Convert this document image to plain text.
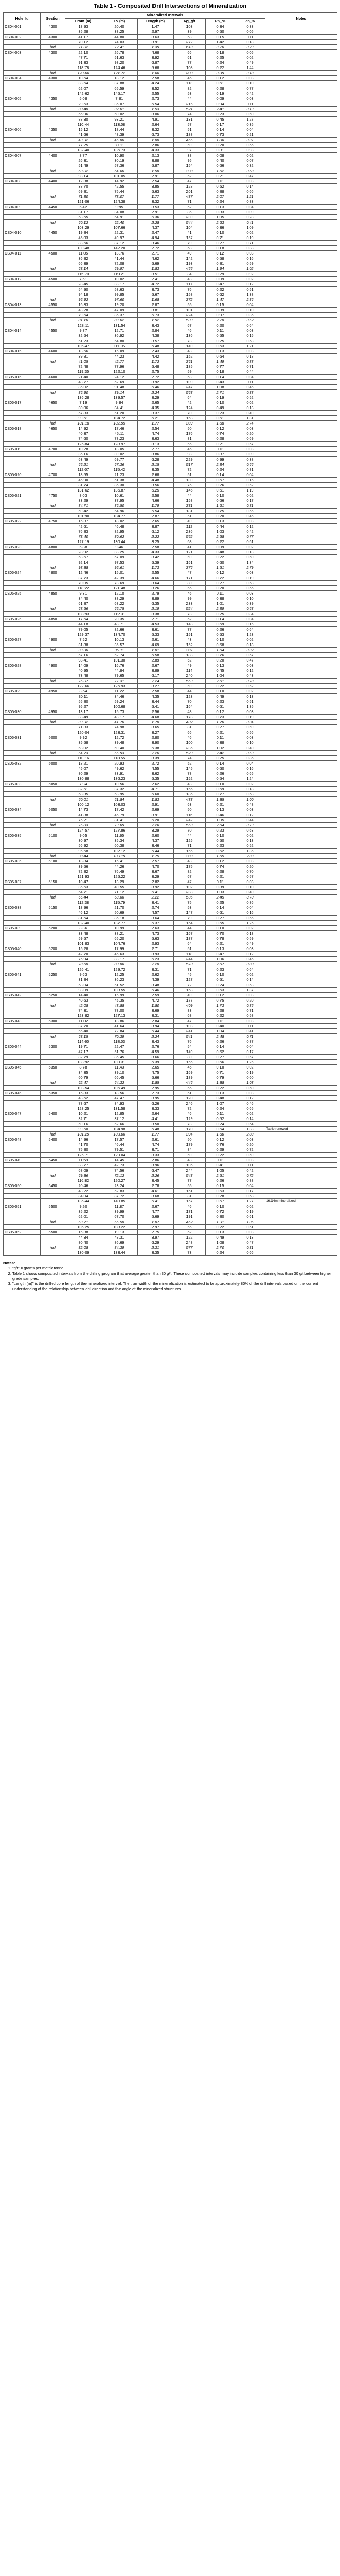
Table 1 - Composited Drill Intersections of Mineralization
Hole_Id	Section	Mineralized Intervals						Notes
		From (m)	To (m)	Length (m)	Ag_g/t	Pb_%	Zn_%	
DS04-001	4300	18.93	20.40	1.47	103	0.34	0.33	
		35.28	38.25	2.97	39	0.50	0.05	
DS04-002	4300	41.17	44.80	3.63	58	0.15	0.11	
		70.12	74.03	3.91	272	1.42	0.18	
	incl	71.02	72.41	1.39	613	3.20	0.29	
DS04-003	4300	22.10	26.78	4.68	66	0.18	0.05	
		47.71	51.63	3.92	61	0.25	0.02	
		91.33	98.20	6.87	77	0.24	0.49	
		118.78	124.46	5.68	108	0.22	1.44	
	incl	120.06	121.72	1.66	203	0.39	3.18	
DS04-004	4300	10.54	13.12	2.58	45	0.12	0.03	
		33.64	37.88	4.24	113	0.61	0.10	
		62.07	65.59	3.52	82	0.28	0.77	
		142.62	145.17	2.55	53	0.19	0.42	
DS04-005	4350	5.08	7.81	2.73	44	0.09	0.03	
		29.53	35.07	5.54	216	0.94	0.11	
	incl	30.48	32.01	1.53	521	2.41	0.19	
		56.96	60.02	3.06	74	0.23	0.60	
		88.30	93.21	4.91	131	0.45	1.27	
		110.44	113.08	2.64	57	0.17	0.35	
DS04-006	4350	15.12	18.44	3.32	51	0.14	0.04	
		41.66	48.39	6.73	188	0.73	0.21	
	incl	43.92	45.80	1.88	466	1.86	0.37	
		77.25	80.11	2.86	69	0.20	0.55	
		132.40	136.73	4.33	97	0.31	0.98	
DS04-007	4400	8.77	10.90	2.13	38	0.08	0.02	
		26.31	30.19	3.88	95	0.40	0.07	
		51.49	57.36	5.87	154	0.66	0.32	
	incl	53.02	54.60	1.58	398	1.52	0.58	
		98.14	101.05	2.91	62	0.21	0.47	
DS04-008	4400	12.38	14.92	2.54	47	0.11	0.03	
		38.70	42.55	3.85	128	0.52	0.14	
		69.81	75.44	5.63	201	0.88	0.66	
	incl	71.30	73.07	1.77	487	2.07	1.21	
		121.06	124.38	3.32	71	0.24	0.83	
DS04-009	4450	6.42	9.95	3.53	52	0.13	0.04	
		31.17	34.08	2.91	86	0.33	0.09	
		58.55	64.91	6.36	239	1.05	0.28	
	incl	60.12	62.40	2.28	544	2.63	0.41	
		103.29	107.66	4.37	104	0.36	1.09	
DS04-010	4450	19.84	22.31	2.47	41	0.10	0.02	
		45.03	49.97	4.94	167	0.71	0.19	
		83.66	87.12	3.46	79	0.27	0.71	
		139.48	142.20	2.72	58	0.18	0.38	
DS04-011	4500	11.05	13.76	2.71	49	0.12	0.03	
		36.82	41.44	4.62	142	0.58	0.16	
		66.39	72.08	5.69	193	0.81	0.59	
	incl	68.14	69.97	1.83	455	1.94	1.02	
		115.70	119.21	3.51	84	0.29	0.92	
DS04-012	4500	7.61	10.02	2.41	43	0.09	0.02	
		28.45	33.17	4.72	117	0.47	0.12	
		54.90	58.63	3.73	76	0.22	0.51	
		94.18	99.85	5.67	158	0.62	1.38	
	incl	95.92	97.60	1.68	372	1.47	2.86	
DS04-013	4550	16.33	19.20	2.87	55	0.15	0.04	
		43.28	47.09	3.81	101	0.39	0.10	
		79.64	85.37	5.73	224	0.97	0.35	
	incl	81.10	83.02	1.92	509	2.28	0.62	
		128.11	131.54	3.43	67	0.20	0.64	
DS04-014	4550	9.87	12.71	2.84	46	0.11	0.03	
		32.54	36.92	4.38	136	0.55	0.15	
		61.23	64.80	3.57	73	0.25	0.58	
		106.47	111.95	5.48	149	0.53	1.21	
DS04-015	4600	13.66	16.09	2.43	48	0.13	0.03	
		39.81	44.23	4.42	152	0.64	0.18	
	incl	41.05	42.77	1.72	361	1.49	0.33	
		72.48	77.96	5.48	185	0.77	0.71	
		119.35	122.10	2.75	59	0.18	0.44	
DS05-016	4600	21.40	24.12	2.72	53	0.14	0.04	
		48.77	52.69	3.92	109	0.43	0.11	
		85.02	91.48	6.46	247	1.08	0.46	
	incl	86.90	89.14	2.24	568	2.71	0.83	
		136.28	139.57	3.29	64	0.19	0.52	
DS05-017	4650	7.19	9.84	2.65	42	0.10	0.02	
		30.06	34.41	4.35	124	0.49	0.13	
		57.83	61.20	3.37	70	0.23	0.49	
		99.51	104.72	5.21	163	0.61	1.31	
	incl	101.18	102.95	1.77	389	1.58	2.74	
DS05-018	4650	14.92	17.46	2.54	50	0.12	0.03	
		40.37	45.11	4.74	176	0.74	0.20	
		74.60	78.23	3.63	81	0.28	0.69	
		125.84	128.97	3.13	66	0.21	0.57	
DS05-019	4700	10.28	13.05	2.77	45	0.11	0.03	
		35.16	39.02	3.86	98	0.37	0.09	
		63.49	69.77	6.28	229	0.99	0.38	
	incl	65.21	67.36	2.15	517	2.34	0.66	
		112.07	115.42	3.35	72	0.24	0.81	
DS05-020	4700	18.55	21.23	2.68	51	0.14	0.04	
		46.90	51.38	4.48	139	0.57	0.15	
		81.74	85.30	3.56	75	0.26	0.62	
		131.62	136.87	5.25	146	0.51	1.19	
DS05-021	4750	8.03	10.61	2.58	44	0.10	0.02	
		33.29	37.95	4.66	158	0.66	0.17	
	incl	34.71	36.50	1.79	381	1.61	0.31	
		59.42	64.96	5.54	181	0.75	0.56	
		101.90	104.77	2.87	61	0.20	0.46	
DS05-022	4750	15.37	18.02	2.65	49	0.13	0.03	
		42.61	46.48	3.87	112	0.44	0.12	
		76.83	82.95	6.12	236	1.03	0.42	
	incl	78.40	80.62	2.22	552	2.58	0.77	
		127.19	130.44	3.25	68	0.22	0.61	
DS05-023	4800	6.88	9.46	2.58	41	0.09	0.02	
		28.92	33.25	4.33	121	0.48	0.13	
		53.67	57.09	3.42	69	0.22	0.50	
		92.14	97.53	5.39	161	0.60	1.34	
	incl	93.88	95.61	1.73	376	1.51	2.79	
DS05-024	4800	12.46	15.01	2.55	47	0.12	0.03	
		37.73	42.39	4.66	171	0.72	0.19	
		70.05	73.69	3.64	80	0.27	0.68	
		118.22	121.48	3.26	65	0.20	0.55	
DS05-025	4850	9.31	12.10	2.79	46	0.11	0.03	
		34.40	38.29	3.89	99	0.38	0.10	
		61.87	68.22	6.35	233	1.01	0.39	
	incl	63.56	65.75	2.19	524	2.39	0.68	
		108.93	112.31	3.38	73	0.25	0.84	
DS05-026	4850	17.64	20.35	2.71	52	0.14	0.04	
		44.18	48.71	4.53	143	0.59	0.16	
		79.05	82.66	3.61	77	0.26	0.64	
		129.37	134.70	5.33	151	0.53	1.23	
DS05-027	4900	7.52	10.13	2.61	43	0.10	0.02	
		31.88	36.57	4.69	162	0.68	0.18	
	incl	33.30	35.11	1.81	387	1.64	0.32	
		57.16	62.74	5.58	183	0.76	0.57	
		98.41	101.30	2.89	62	0.20	0.47	
DS05-028	4900	14.09	16.76	2.67	49	0.13	0.03	
		40.95	44.84	3.89	114	0.45	0.12	
		73.48	79.65	6.17	240	1.04	0.43	
	incl	75.07	77.31	2.24	559	2.61	0.78	
		122.66	125.93	3.27	69	0.22	0.62	
DS05-029	4950	8.64	11.22	2.58	44	0.10	0.02	
		30.11	34.46	4.35	123	0.49	0.13	
		55.80	59.24	3.44	70	0.23	0.51	
		95.27	100.68	5.41	164	0.61	1.35	
DS05-030	4950	13.17	15.73	2.56	48	0.12	0.03	
		38.49	43.17	4.68	173	0.73	0.19	
	incl	39.92	41.70	1.78	402	1.70	0.34	
		71.33	74.98	3.65	81	0.27	0.69	
		120.04	123.31	3.27	66	0.21	0.56	
DS05-031	5000	9.92	12.72	2.80	46	0.11	0.03	
		35.58	39.48	3.90	100	0.38	0.10	
		63.02	69.40	6.38	235	1.02	0.40	
	incl	64.73	66.93	2.20	529	2.42	0.69	
		110.16	113.55	3.39	74	0.25	0.85	
DS05-032	5000	18.21	20.93	2.72	52	0.14	0.04	
		45.07	49.62	4.55	145	0.60	0.16	
		80.29	83.91	3.62	78	0.26	0.65	
		130.88	136.23	5.35	152	0.54	1.24	
DS05-033	5050	7.94	10.56	2.62	43	0.10	0.02	
		32.61	37.32	4.71	165	0.69	0.18	
		58.35	63.95	5.60	185	0.77	0.58	
	incl	60.01	61.84	1.83	438	1.85	1.00	
		100.12	103.03	2.91	63	0.21	0.48	
DS05-034	5050	14.73	17.42	2.69	50	0.13	0.03	
		41.88	45.79	3.91	116	0.46	0.12	
		75.21	81.41	6.20	242	1.05	0.44	
	incl	76.83	79.09	2.26	563	2.64	0.79	
		124.57	127.86	3.29	70	0.23	0.63	
DS05-035	5100	9.05	11.65	2.60	44	0.10	0.02	
		30.97	35.34	4.37	125	0.50	0.13	
		56.92	60.38	3.46	71	0.23	0.52	
		96.68	102.12	5.44	166	0.62	1.36	
	incl	98.44	100.19	1.75	383	1.55	2.83	
DS05-036	5100	13.84	16.41	2.57	48	0.12	0.03	
		39.56	44.26	4.70	175	0.74	0.20	
		72.82	76.49	3.67	82	0.28	0.70	
		121.93	125.22	3.29	67	0.21	0.57	
DS05-037	5150	10.47	13.29	2.82	47	0.11	0.03	
		36.63	40.55	3.92	102	0.39	0.10	
		64.71	71.12	6.41	238	1.03	0.40	
	incl	66.44	68.66	2.22	535	2.45	0.70	
		112.38	115.79	3.41	75	0.25	0.86	
DS05-038	5150	18.96	21.70	2.74	53	0.14	0.04	
		46.12	50.69	4.57	147	0.61	0.16	
		81.54	85.18	3.64	79	0.27	0.66	
		132.40	137.77	5.37	154	0.55	1.25	
DS05-039	5200	8.36	10.99	2.63	44	0.10	0.02	
		33.48	38.21	4.73	167	0.70	0.18	
		59.57	65.20	5.63	187	0.78	0.59	
		101.83	104.76	2.93	64	0.21	0.49	
DS05-040	5200	15.28	17.99	2.71	51	0.13	0.03	
		42.70	46.63	3.93	118	0.47	0.12	
		76.94	83.17	6.23	244	1.06	0.45	
	incl	78.58	80.86	2.28	570	2.67	0.80	
		126.41	129.72	3.31	71	0.23	0.64	
DS05-041	5250	9.63	12.25	2.62	45	0.10	0.02	
		31.84	36.23	4.39	127	0.51	0.14	
		58.04	61.52	3.48	72	0.24	0.53	
		98.09	103.55	5.46	168	0.63	1.37	
DS05-042	5250	14.40	16.99	2.59	49	0.12	0.03	
		40.63	45.35	4.72	177	0.75	0.20	
	incl	42.08	43.88	1.80	409	1.73	0.35	
		74.31	78.00	3.69	83	0.28	0.71	
		123.82	127.13	3.31	68	0.22	0.58	
DS05-043	5300	11.02	13.86	2.84	47	0.11	0.03	
		37.70	41.64	3.94	103	0.40	0.11	
		66.40	72.84	6.44	241	1.04	0.41	
	incl	68.15	70.39	2.24	541	2.48	0.71	
		114.60	118.03	3.43	76	0.26	0.87	
DS05-044	5300	19.71	22.47	2.76	54	0.14	0.04	
		47.17	51.76	4.59	149	0.62	0.17	
		82.79	86.45	3.66	80	0.27	0.67	
		133.92	139.31	5.39	155	0.56	1.26	
DS05-045	5350	8.78	11.43	2.65	45	0.10	0.02	
		34.35	39.10	4.75	169	0.71	0.19	
		60.79	66.45	5.66	189	0.79	0.60	
	incl	62.47	64.32	1.85	446	1.88	1.03	
		103.54	106.49	2.95	65	0.22	0.50	
DS05-046	5350	15.83	18.56	2.73	51	0.13	0.03	
		43.52	47.47	3.95	120	0.48	0.12	
		78.67	84.93	6.26	246	1.07	0.46	
		128.25	131.58	3.33	72	0.24	0.65	
DS05-047	5400	10.21	12.85	2.64	46	0.11	0.02	
		32.71	37.12	4.41	129	0.52	0.14	
		59.16	62.66	3.50	73	0.24	0.54	
		99.50	104.98	5.48	170	0.64	1.38	Table renewed
	incl	101.29	103.06	1.77	394	1.60	2.88	
DS05-048	5400	14.96	17.57	2.61	50	0.12	0.03	
		41.70	46.44	4.74	179	0.76	0.20	
		75.80	79.51	3.71	84	0.29	0.72	
		125.71	129.04	3.33	69	0.22	0.59	
DS05-049	5450	11.59	14.45	2.86	48	0.11	0.03	
		38.77	42.73	3.96	105	0.41	0.11	
		68.09	74.56	6.47	244	1.05	0.42	
	incl	69.86	72.12	2.26	548	2.51	0.72	
		116.82	120.27	3.45	77	0.26	0.88	
DS05-050	5450	20.46	23.24	2.78	55	0.15	0.04	
		48.22	52.83	4.61	151	0.63	0.17	
		84.04	87.72	3.68	81	0.28	0.68	
		135.44	140.85	5.41	157	0.57	1.27	16.14m mineralized
DS05-051	5500	9.20	11.87	2.67	46	0.10	0.02	
		35.22	39.99	4.77	171	0.72	0.19	
		62.01	67.70	5.69	191	0.80	0.61	
	incl	63.71	65.58	1.87	452	1.91	1.05	
		105.25	108.22	2.97	66	0.22	0.51	
DS05-052	5500	16.38	19.13	2.75	52	0.13	0.03	
		44.34	48.31	3.97	122	0.49	0.13	
		80.40	86.69	6.29	248	1.08	0.47	
	incl	82.08	84.39	2.31	577	2.70	0.81	
		130.09	133.44	3.35	73	0.24	0.66	
Notes:
1. "g/t" = grams per metric tonne.
2. Table 1 shows composited intervals from the drilling program that average greater than 30 g/t. These composited intervals may include samples containing less than 30 g/t between higher grade samples.
3. "Length (m)" is the drilled core length of the mineralized interval. The true width of the mineralization is estimated to be approximately 80% of the drill intervals based on the current understanding of the relationship between drill direction and the angle of the mineralized structures.
